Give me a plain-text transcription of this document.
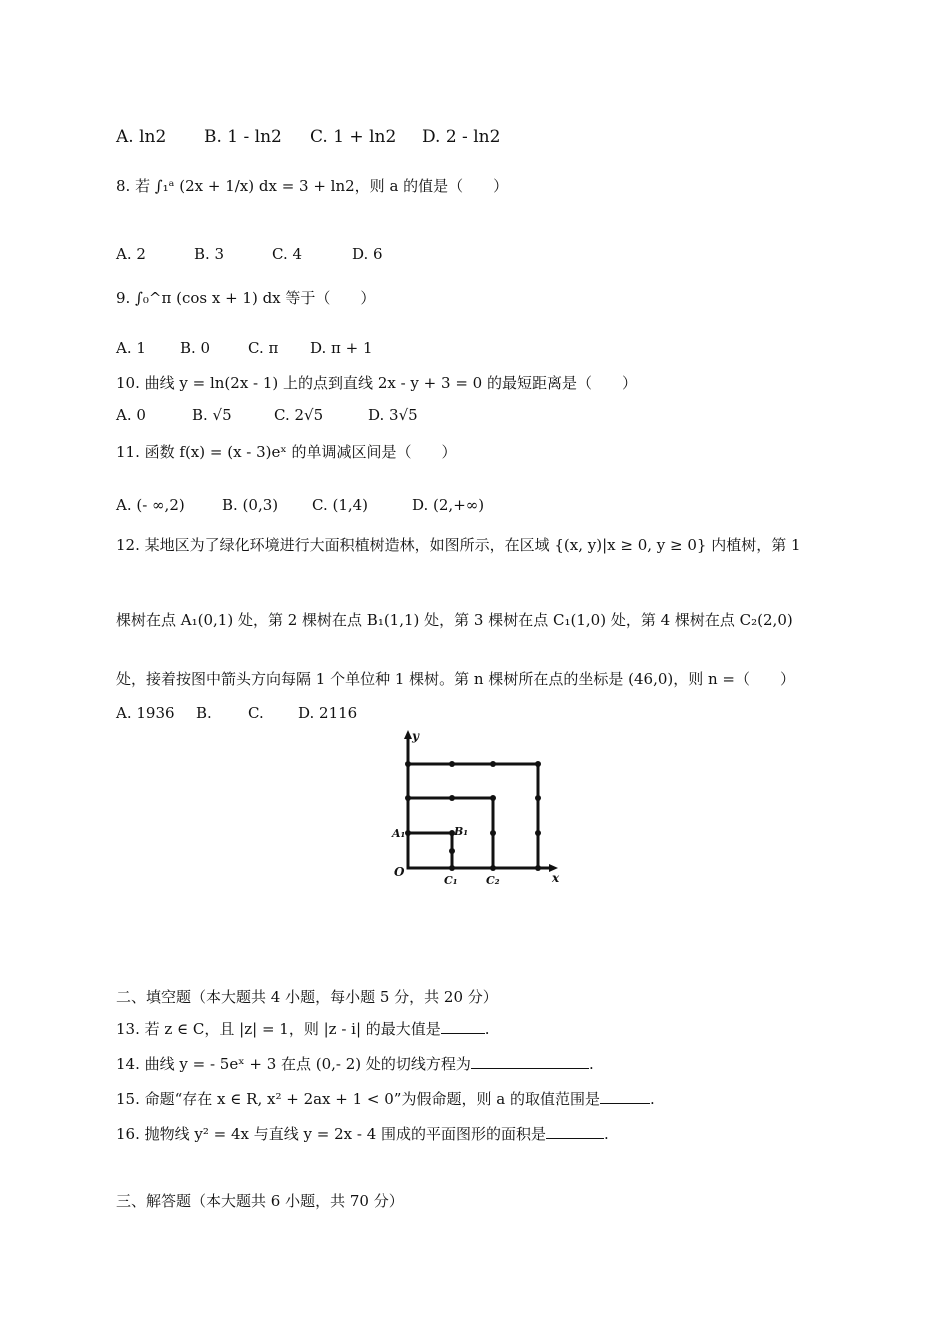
A. ln2 B. 1 - ln2 C. 1 + ln2 D. 2 - ln2
8. 若 ∫₁ᵃ (2x + 1/x) dx = 3 + ln2，则 a 的值是（　　）
A. 2	B. 3	C. 4	D. 6
9. ∫₀^π (cos x + 1) dx 等于（　　）
A. 1 B. 0	C. π D. π + 1
10. 曲线 y = ln(2x - 1) 上的点到直线 2x - y + 3 = 0 的最短距离是（　　）
A. 0	B. √5	C. 2√5	D. 3√5
11. 函数 f(x) = (x - 3)eˣ 的单调减区间是（　　）
A. (- ∞,2) B. (0,3) C. (1,4)	D. (2,+∞)
12. 某地区为了绿化环境进行大面积植树造林，如图所示，在区域 {(x, y)|x ≥ 0, y ≥ 0} 内植树，第 1
棵树在点 A₁(0,1) 处，第 2 棵树在点 B₁(1,1) 处，第 3 棵树在点 C₁(1,0) 处，第 4 棵树在点 C₂(2,0)
处，接着按图中箭头方向每隔 1 个单位种 1 棵树。第 n 棵树所在点的坐标是 (46,0)，则 n =（　　）
A. 1936 B. C. D. 2116
y
x
O
A₁	B₁
C₁	C₂
二、填空题（本大题共 4 小题，每小题 5 分，共 20 分）
13. 若 z ∈ C，且 |z| = 1，则 |z - i| 的最大值是	.
14. 曲线 y = - 5eˣ + 3 在点 (0,- 2) 处的切线方程为	.
15. 命题“存在 x ∈ R, x² + 2ax + 1 < 0”为假命题，则 a 的取值范围是	.
16. 抛物线 y² = 4x 与直线 y = 2x - 4 围成的平面图形的面积是	.
三、解答题（本大题共 6 小题，共 70 分）
